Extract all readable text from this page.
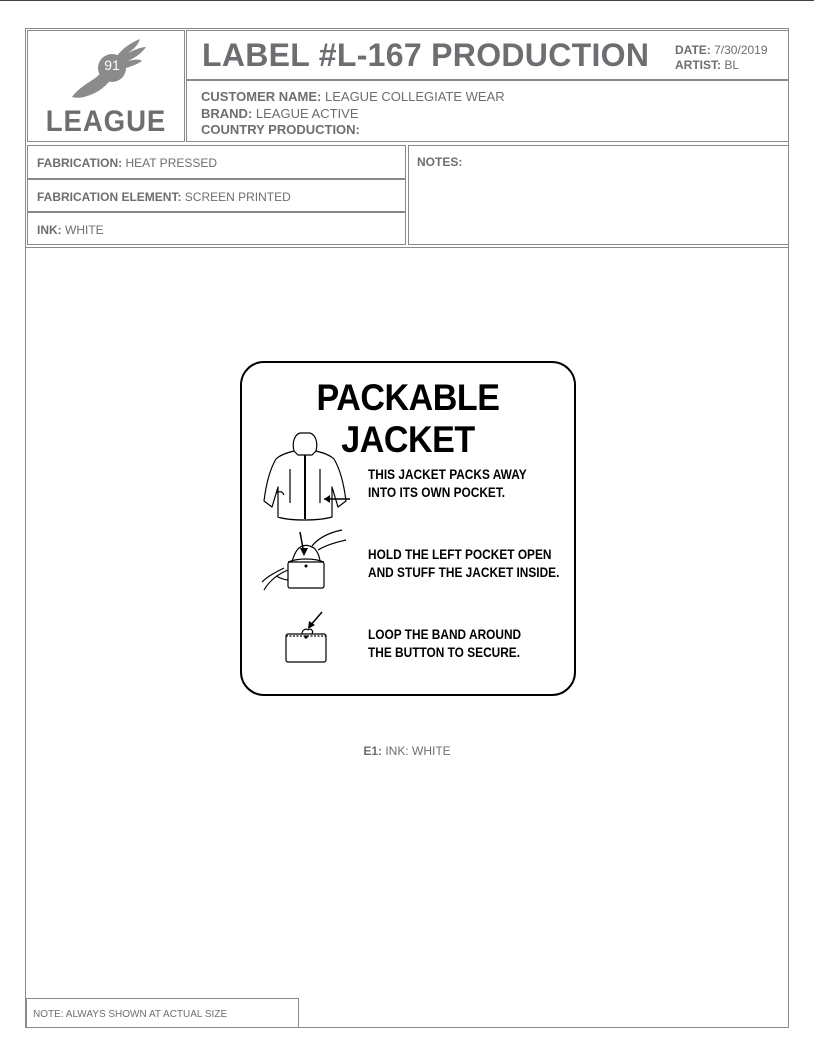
91
LEAGUE
LABEL #L-167 PRODUCTION DATE: 7/30/2019
ARTIST: BL
CUSTOMER NAME: LEAGUE COLLEGIATE WEAR
BRAND: LEAGUE ACTIVE
COUNTRY PRODUCTION:
FABRICATION: HEAT PRESSED
FABRICATION ELEMENT: SCREEN PRINTED
INK: WHITE
NOTES:
PACKABLE JACKET
THIS JACKET PACKS AWAY
INTO ITS OWN POCKET.
HOLD THE LEFT POCKET OPEN
AND STUFF THE JACKET INSIDE.
LOOP THE BAND AROUND
THE BUTTON TO SECURE.
E1: INK: WHITE
NOTE: ALWAYS SHOWN AT ACTUAL SIZE
